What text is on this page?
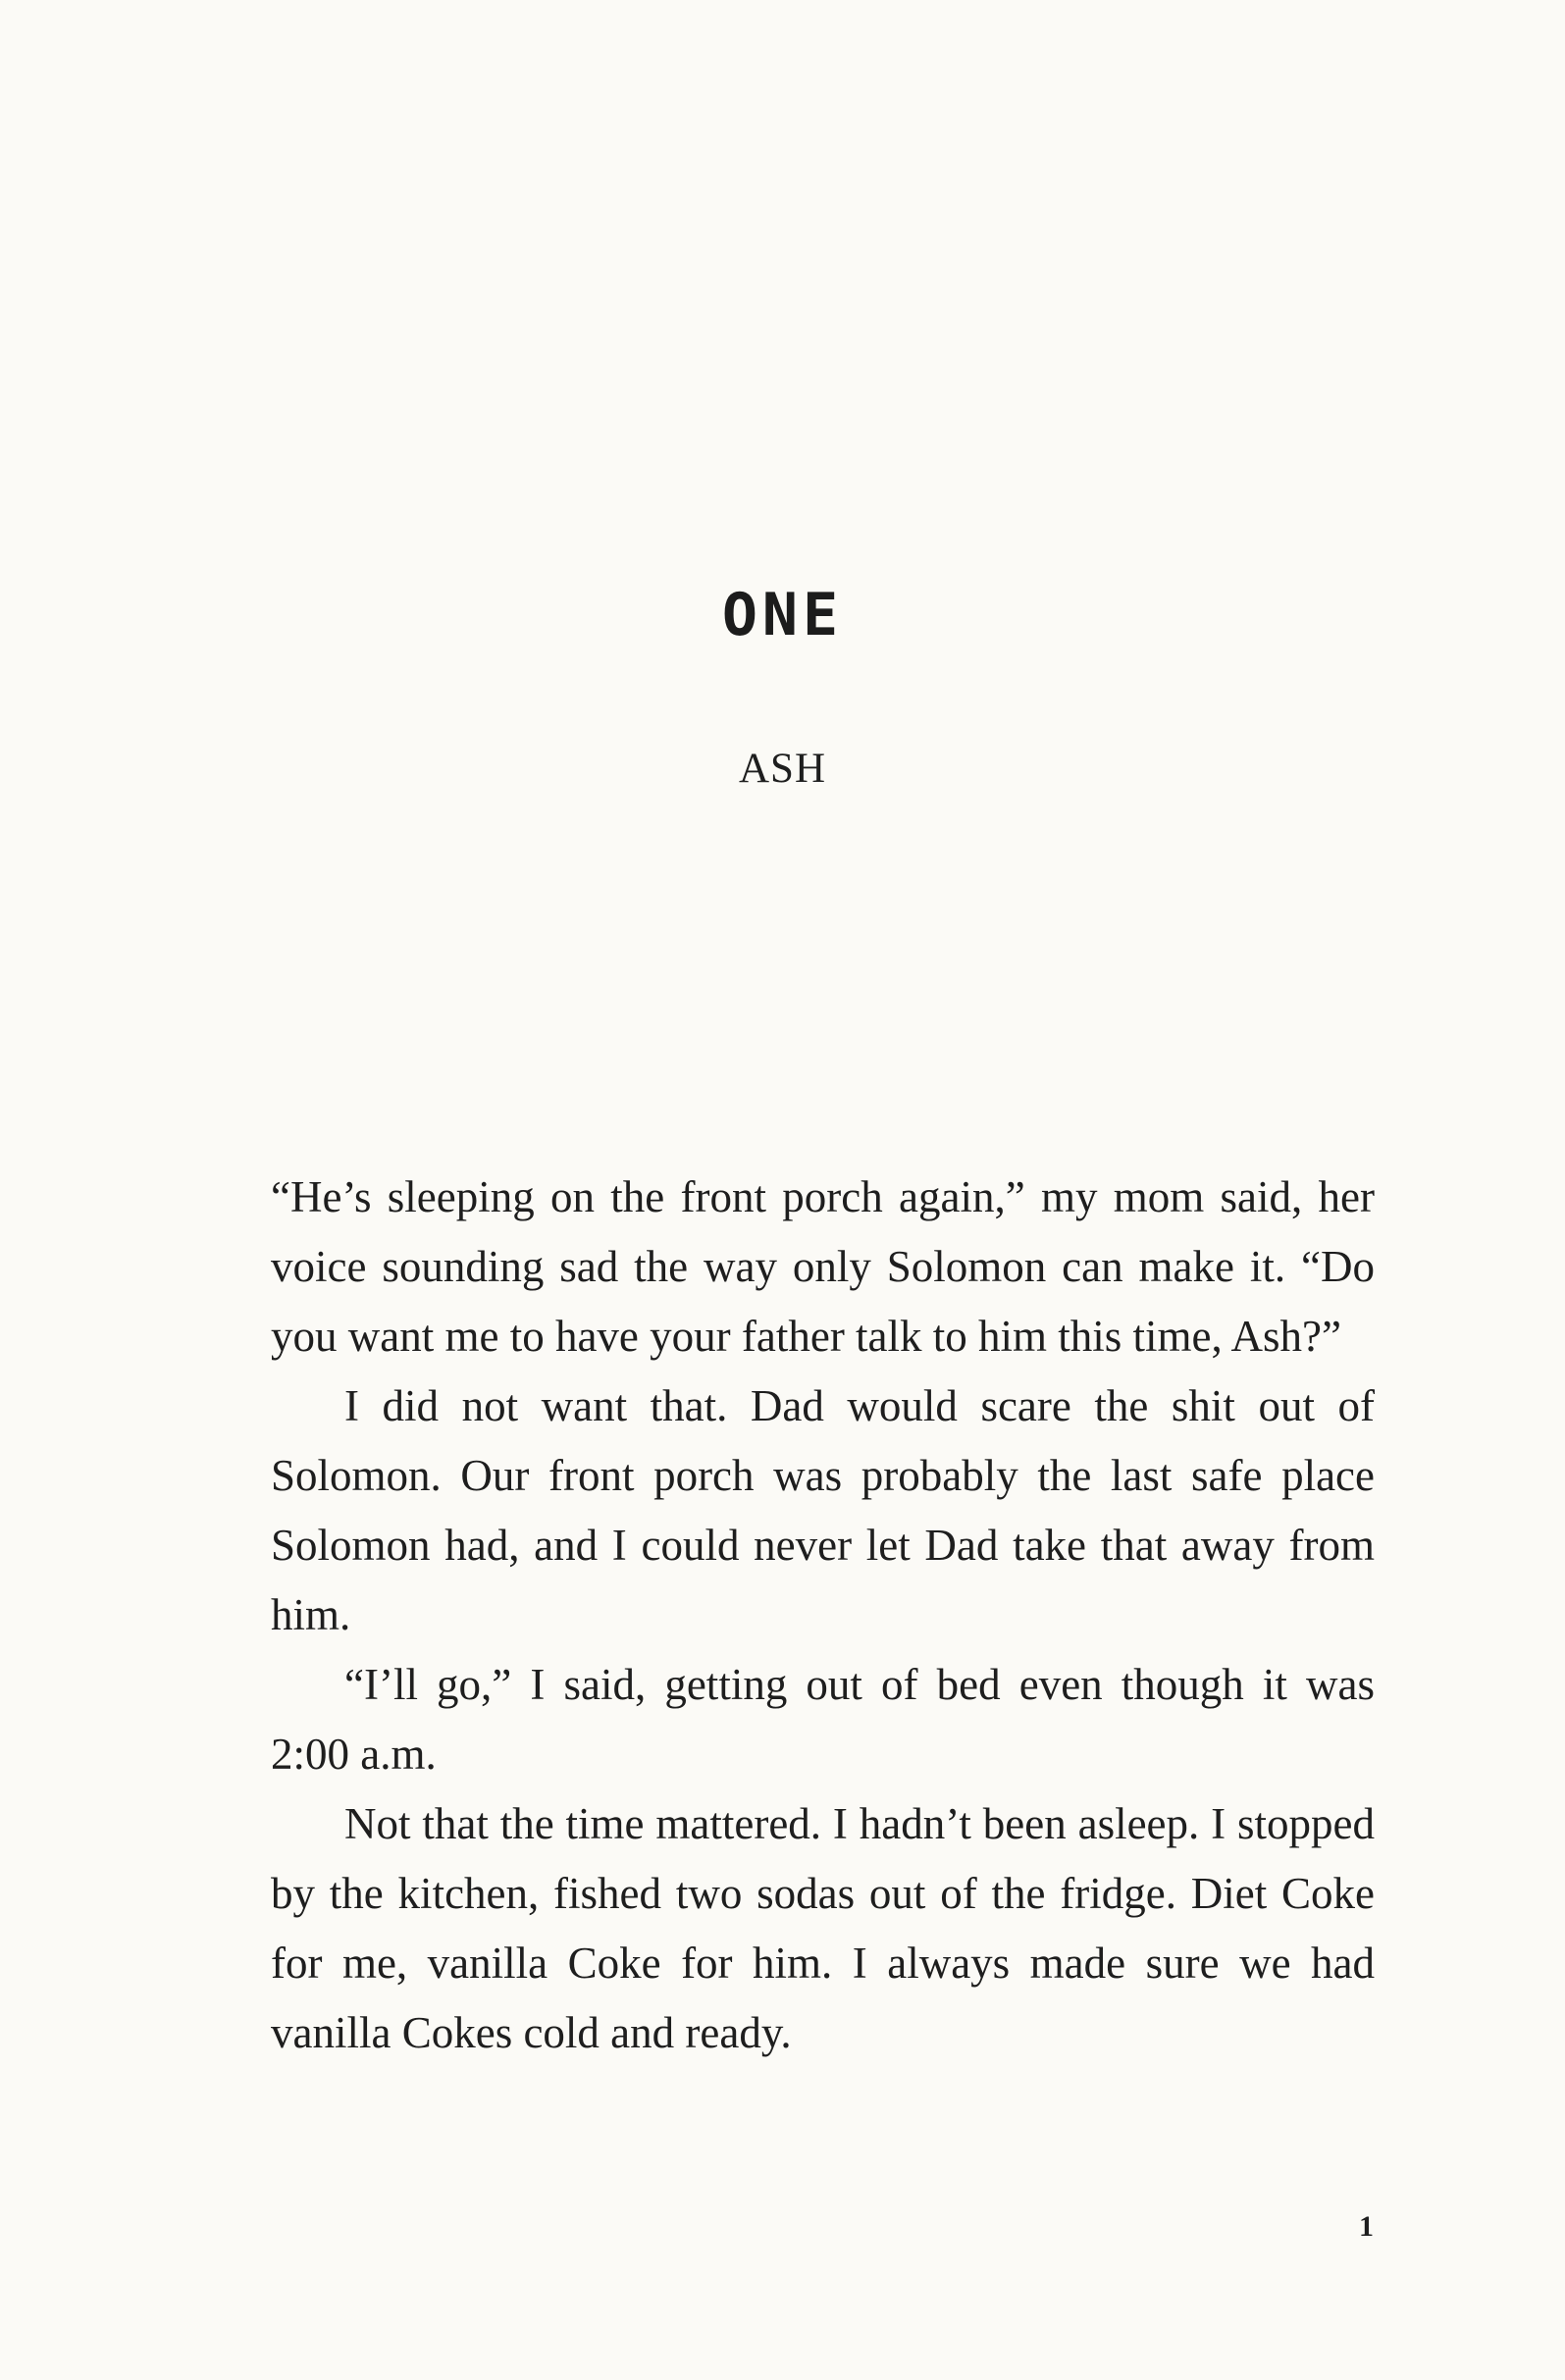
ONE
ASH

“He’s sleeping on the front porch again,” my mom said, her voice sounding sad the way only Solomon can make it. “Do you want me to have your father talk to him this time, Ash?”

I did not want that. Dad would scare the shit out of Solomon. Our front porch was probably the last safe place Solomon had, and I could never let Dad take that away from him.

“I’ll go,” I said, getting out of bed even though it was 2:00 a.m.

Not that the time mattered. I hadn’t been asleep. I stopped by the kitchen, fished two sodas out of the fridge. Diet Coke for me, vanilla Coke for him. I always made sure we had vanilla Cokes cold and ready.

1
